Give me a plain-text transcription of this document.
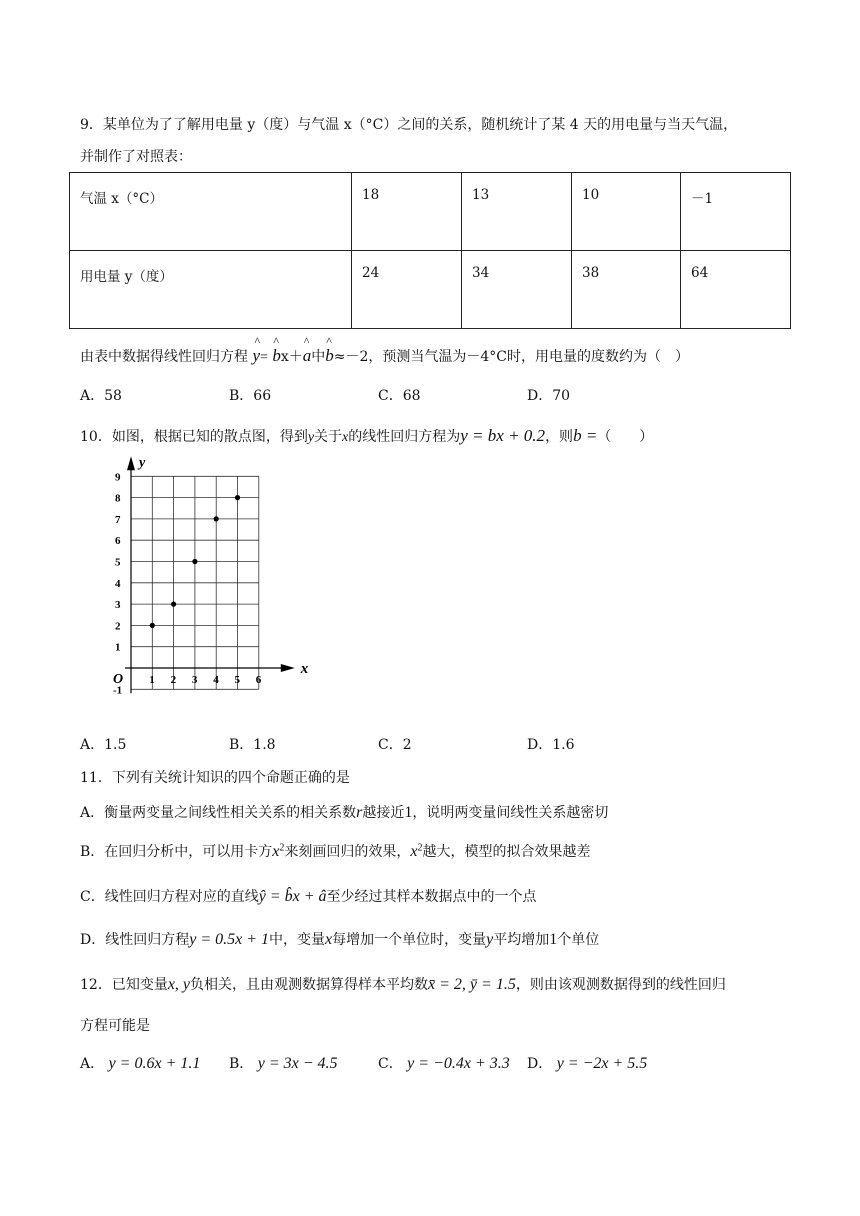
9．某单位为了了解用电量 y（度）与气温 x（°C）之间的关系，随机统计了某 4 天的用电量与当天气温，
并制作了对照表：
气温 x（°C）	18	13	10	－1
用电量 y（度）	24	34	38	64
由表中数据得线性回归方程
^
y=
^
bx＋
^
a中
^
b≈－2，预测当气温为－4°C时，用电量的度数约为（　）
A．58	B．66	C．68	D．70
10．如图，根据已知的散点图，得到y关于x的线性回归方程为y = bx + 0.2，则b =（　　）
x
y
O 1 2 3 4 5 6
-1
1
2
3
4
5
6
7
8
9
A．1.5	B．1.8	C．2	D．1.6
11．下列有关统计知识的四个命题正确的是
A．衡量两变量之间线性相关关系的相关系数r越接近1，说明两变量间线性关系越密切
B．在回归分析中，可以用卡方$x^2$来刻画回归的效果，$x^2$越大，模型的拟合效果越差
C．线性回归方程对应的直线ŷ = b̂x + â至少经过其样本数据点中的一个点
D．线性回归方程y = 0.5x + 1中，变量x每增加一个单位时，变量y平均增加1个单位
12．已知变量x, y负相关，且由观测数据算得样本平均数x̄ = 2, ȳ = 1.5，则由该观测数据得到的线性回归
方程可能是
A． y = 0.6x + 1.1 B． y = 3x − 4.5	C． y = −0.4x + 3.3 D． y = −2x + 5.5
